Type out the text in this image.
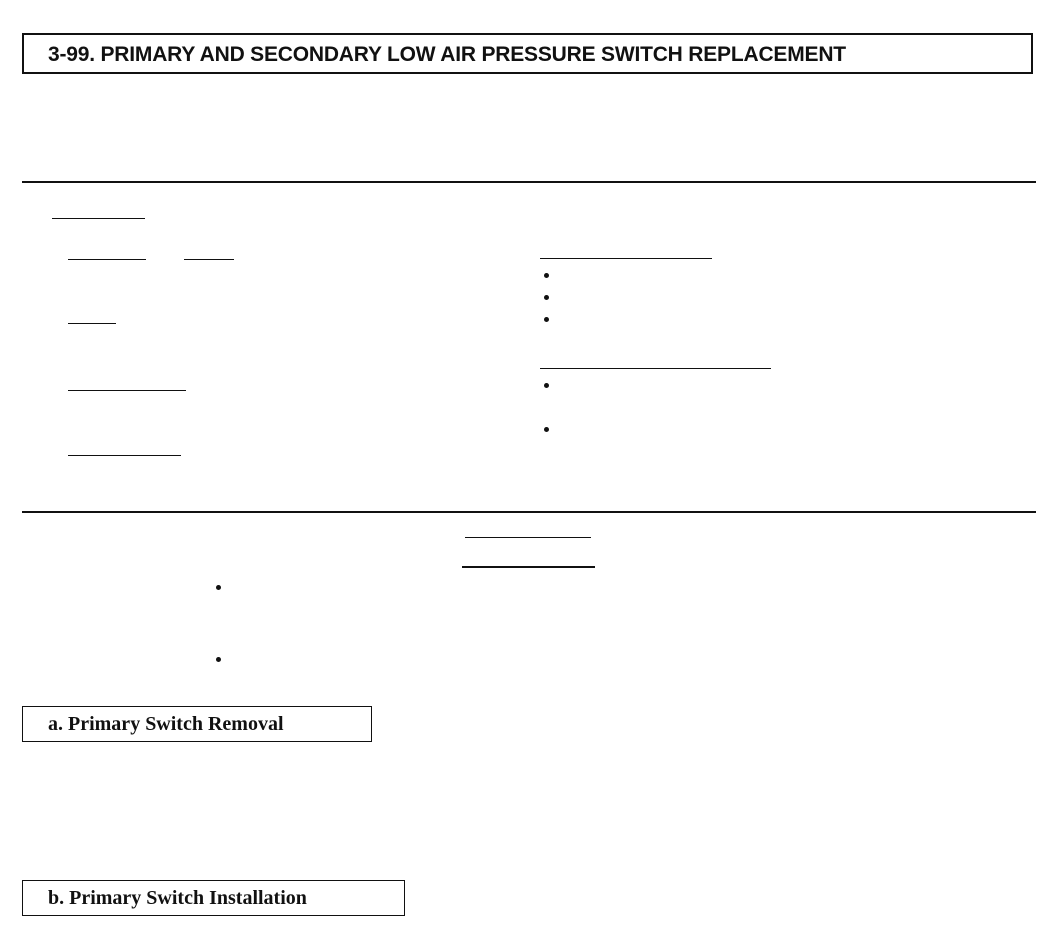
3-99. PRIMARY AND SECONDARY LOW AIR PRESSURE SWITCH REPLACEMENT
a. Primary Switch Removal
b. Primary Switch Installation
